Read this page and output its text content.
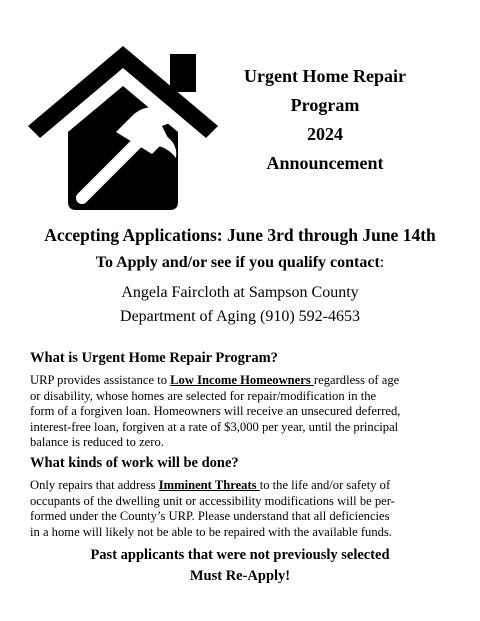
Urgent Home Repair
Program
2024
Announcement
Accepting Applications: June 3rd through June 14th
To Apply and/or see if you qualify contact:
Angela Faircloth at Sampson County
Department of Aging (910) 592-4653
What is Urgent Home Repair Program?
URP provides assistance to Low Income Homeowners regardless of age
or disability, whose homes are selected for repair/modification in the
form of a forgiven loan. Homeowners will receive an unsecured deferred,
interest-free loan, forgiven at a rate of $3,000 per year, until the principal
balance is reduced to zero.
What kinds of work will be done?
Only repairs that address Imminent Threats to the life and/or safety of
occupants of the dwelling unit or accessibility modifications will be per-
formed under the County’s URP. Please understand that all deficiencies
in a home will likely not be able to be repaired with the available funds.
Past applicants that were not previously selected
Must Re-Apply!
